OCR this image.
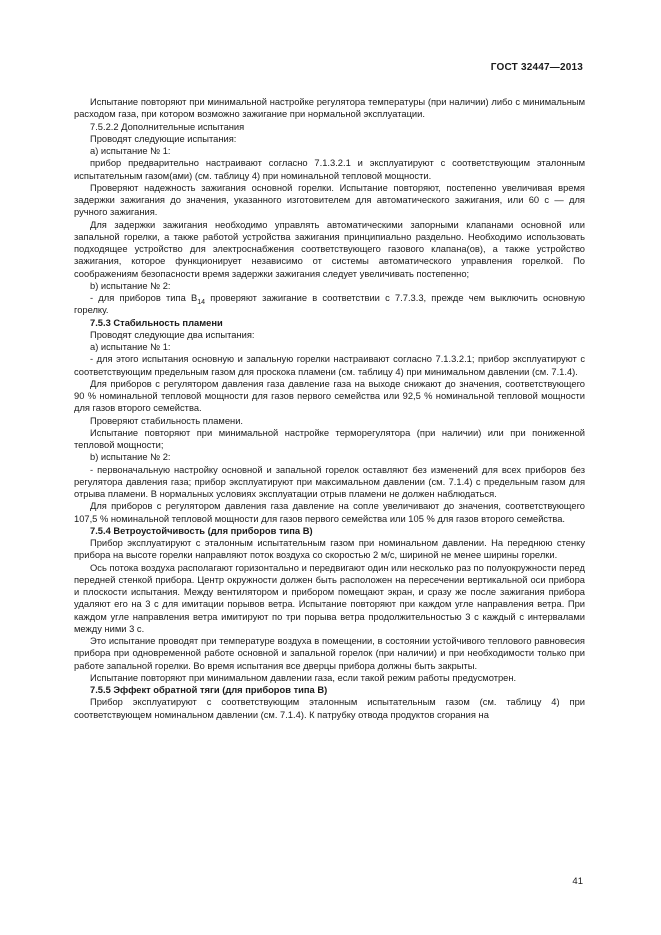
ГОСТ 32447—2013

Испытание повторяют при минимальной настройке регулятора температуры (при наличии) либо с минимальным расходом газа, при котором возможно зажигание при нормальной эксплуатации.

7.5.2.2 Дополнительные испытания

Проводят следующие испытания:

а) испытание № 1:

прибор предварительно настраивают согласно 7.1.3.2.1 и эксплуатируют с соответствующим эталонным испытательным газом(ами) (см. таблицу 4) при номинальной тепловой мощности.

Проверяют надежность зажигания основной горелки. Испытание повторяют, постепенно увеличивая время задержки зажигания до значения, указанного изготовителем для автоматического зажигания, или 60 с — для ручного зажигания.

Для задержки зажигания необходимо управлять автоматическими запорными клапанами основной или запальной горелки, а также работой устройства зажигания принципиально раздельно. Необходимо использовать подходящее устройство для электроснабжения соответствующего газового клапана(ов), а также устройство зажигания, которое функционирует независимо от системы автоматического управления горелкой. По соображениям безопасности время задержки зажигания следует увеличивать постепенно;

b) испытание № 2:

- для приборов типа $В_{14}$ проверяют зажигание в соответствии с 7.7.3.3, прежде чем выключить основную горелку.

7.5.3 Стабильность пламени

Проводят следующие два испытания:

а) испытание № 1:

- для этого испытания основную и запальную горелки настраивают согласно 7.1.3.2.1; прибор эксплуатируют с соответствующим предельным газом для проскока пламени (см. таблицу 4) при минимальном давлении (см. 7.1.4).

Для приборов с регулятором давления газа давление газа на выходе снижают до значения, соответствующего 90 % номинальной тепловой мощности для газов первого семейства или 92,5 % номинальной тепловой мощности для газов второго семейства.

Проверяют стабильность пламени.

Испытание повторяют при минимальной настройке терморегулятора (при наличии) или при пониженной тепловой мощности;

b) испытание № 2:

- первоначальную настройку основной и запальной горелок оставляют без изменений для всех приборов без регулятора давления газа; прибор эксплуатируют при максимальном давлении (см. 7.1.4) с предельным газом для отрыва пламени. В нормальных условиях эксплуатации отрыв пламени не должен наблюдаться.

Для приборов с регулятором давления газа давление на сопле увеличивают до значения, соответствующего 107,5 % номинальной тепловой мощности для газов первого семейства или 105 % для газов второго семейства.

7.5.4 Ветроустойчивость (для приборов типа В)

Прибор эксплуатируют с эталонным испытательным газом при номинальном давлении. На переднюю стенку прибора на высоте горелки направляют поток воздуха со скоростью 2 м/с, шириной не менее ширины горелки.

Ось потока воздуха располагают горизонтально и передвигают один или несколько раз по полуокружности перед передней стенкой прибора. Центр окружности должен быть расположен на пересечении вертикальной оси прибора и плоскости испытания. Между вентилятором и прибором помещают экран, и сразу же после зажигания прибора удаляют его на 3 с для имитации порывов ветра. Испытание повторяют при каждом угле направления ветра. При каждом угле направления ветра имитируют по три порыва ветра продолжительностью 3 с каждый с интервалами между ними 3 с.

Это испытание проводят при температуре воздуха в помещении, в состоянии устойчивого теплового равновесия прибора при одновременной работе основной и запальной горелок (при наличии) и при необходимости только при работе запальной горелки. Во время испытания все дверцы прибора должны быть закрыты.

Испытание повторяют при минимальном давлении газа, если такой режим работы предусмотрен.

7.5.5 Эффект обратной тяги (для приборов типа В)

Прибор эксплуатируют с соответствующим эталонным испытательным газом (см. таблицу 4) при соответствующем номинальном давлении (см. 7.1.4). К патрубку отвода продуктов сгорания на

41
